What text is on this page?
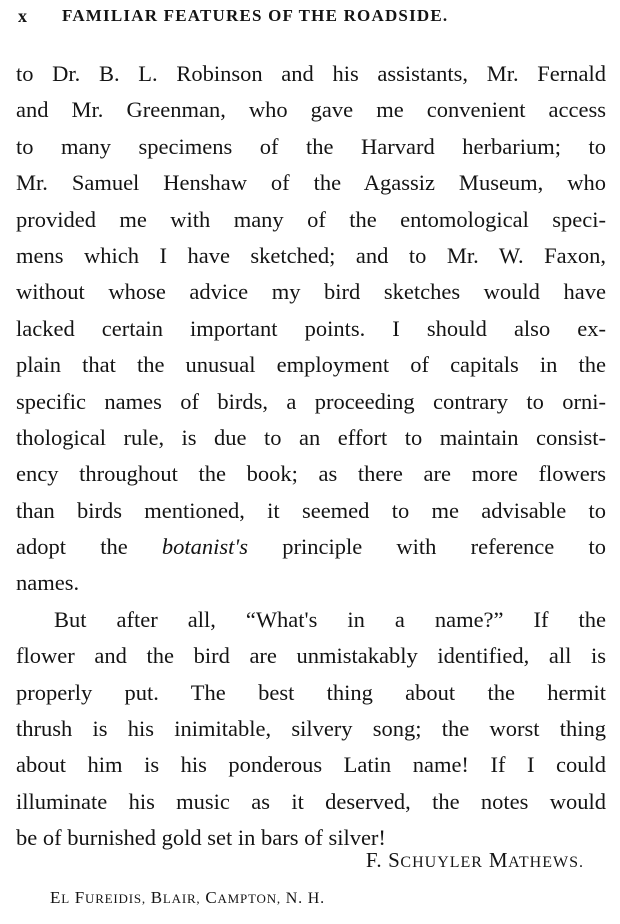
x FAMILIAR FEATURES OF THE ROADSIDE.
to Dr. B. L. Robinson and his assistants, Mr. Fernald
and Mr. Greenman, who gave me convenient access
to many specimens of the Harvard herbarium; to
Mr. Samuel Henshaw of the Agassiz Museum, who
provided me with many of the entomological speci-
mens which I have sketched; and to Mr. W. Faxon,
without whose advice my bird sketches would have
lacked certain important points. I should also ex-
plain that the unusual employment of capitals in the
specific names of birds, a proceeding contrary to orni-
thological rule, is due to an effort to maintain consist-
ency throughout the book; as there are more flowers
than birds mentioned, it seemed to me advisable to
adopt the botanist's principle with reference to
names.
But after all, “What's in a name?” If the
flower and the bird are unmistakably identified, all is
properly put. The best thing about the hermit
thrush is his inimitable, silvery song; the worst thing
about him is his ponderous Latin name! If I could
illuminate his music as it deserved, the notes would
be of burnished gold set in bars of silver!
F. SCHUYLER MATHEWS.
EL FUREIDIS, BLAIR, CAMPTON, N. H.
